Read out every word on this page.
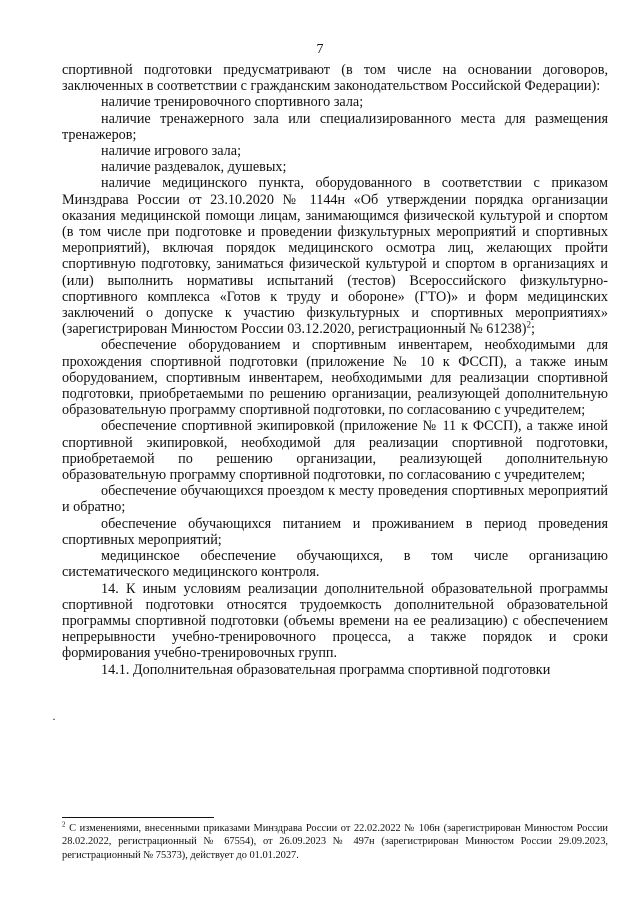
7

спортивной подготовки предусматривают (в том числе на основании договоров, заключенных в соответствии с гражданским законодательством Российской Федерации):

наличие тренировочного спортивного зала;

наличие тренажерного зала или специализированного места для размещения тренажеров;

наличие игрового зала;

наличие раздевалок, душевых;

наличие медицинского пункта, оборудованного в соответствии с приказом Минздрава России от 23.10.2020 № 1144н «Об утверждении порядка организации оказания медицинской помощи лицам, занимающимся физической культурой и спортом (в том числе при подготовке и проведении физкультурных мероприятий и спортивных мероприятий), включая порядок медицинского осмотра лиц, желающих пройти спортивную подготовку, заниматься физической культурой и спортом в организациях и (или) выполнить нормативы испытаний (тестов) Всероссийского физкультурно-спортивного комплекса «Готов к труду и обороне» (ГТО)» и форм медицинских заключений о допуске к участию физкультурных и спортивных мероприятиях» (зарегистрирован Минюстом России 03.12.2020, регистрационный № 61238)$^2$;

обеспечение оборудованием и спортивным инвентарем, необходимыми для прохождения спортивной подготовки (приложение № 10 к ФССП), а также иным оборудованием, спортивным инвентарем, необходимыми для реализации спортивной подготовки, приобретаемыми по решению организации, реализующей дополнительную образовательную программу спортивной подготовки, по согласованию с учредителем;

обеспечение спортивной экипировкой (приложение № 11 к ФССП), а также иной спортивной экипировкой, необходимой для реализации спортивной подготовки, приобретаемой по решению организации, реализующей дополнительную образовательную программу спортивной подготовки, по согласованию с учредителем;

обеспечение обучающихся проездом к месту проведения спортивных мероприятий и обратно;

обеспечение обучающихся питанием и проживанием в период проведения спортивных мероприятий;

медицинское обеспечение обучающихся, в том числе организацию систематического медицинского контроля.

14. К иным условиям реализации дополнительной образовательной программы спортивной подготовки относятся трудоемкость дополнительной образовательной программы спортивной подготовки (объемы времени на ее реализацию) с обеспечением непрерывности учебно-тренировочного процесса, а также порядок и сроки формирования учебно-тренировочных групп.

14.1. Дополнительная образовательная программа спортивной подготовки

·
$^2$ С изменениями, внесенными приказами Минздрава России от 22.02.2022 № 106н (зарегистрирован Минюстом России 28.02.2022, регистрационный № 67554), от 26.09.2023 № 497н (зарегистрирован Минюстом России 29.09.2023, регистрационный № 75373), действует до 01.01.2027.
